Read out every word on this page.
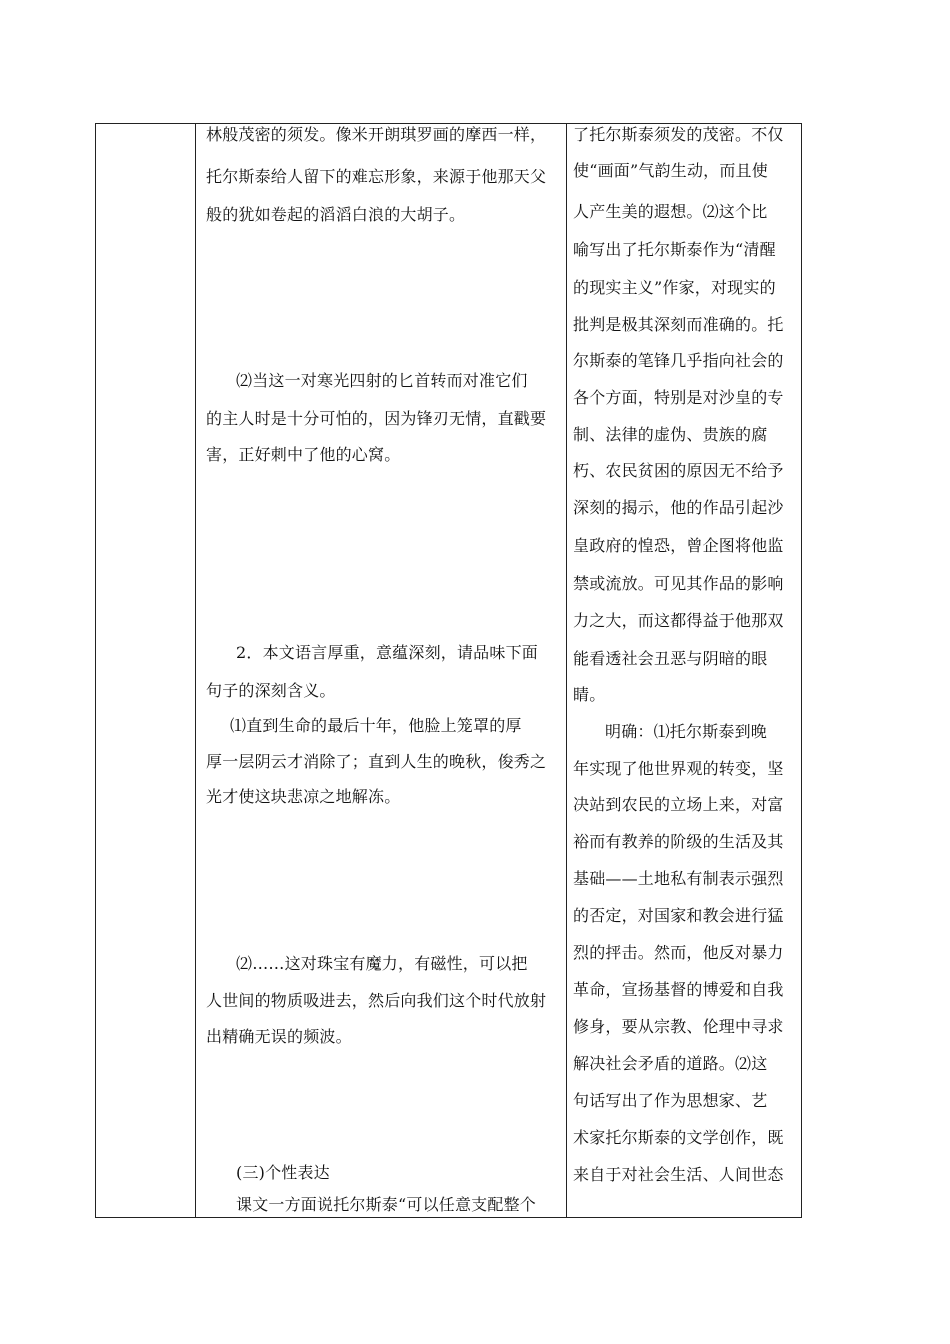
林般茂密的须发。像米开朗琪罗画的摩西一样，
托尔斯泰给人留下的难忘形象，来源于他那天父
般的犹如卷起的滔滔白浪的大胡子。
⑵当这一对寒光四射的匕首转而对准它们
的主人时是十分可怕的，因为锋刃无情，直戳要
害，正好刺中了他的心窝。
2．本文语言厚重，意蕴深刻，请品味下面
句子的深刻含义。
⑴直到生命的最后十年，他脸上笼罩的厚
厚一层阴云才消除了；直到人生的晚秋，俊秀之
光才使这块悲凉之地解冻。
⑵……这对珠宝有魔力，有磁性，可以把
人世间的物质吸进去，然后向我们这个时代放射
出精确无误的频波。
(三)个性表达
课文一方面说托尔斯泰“可以任意支配整个
了托尔斯泰须发的茂密。不仅
使“画面”气韵生动，而且使
人产生美的遐想。⑵这个比
喻写出了托尔斯泰作为“清醒
的现实主义”作家，对现实的
批判是极其深刻而准确的。托
尔斯泰的笔锋几乎指向社会的
各个方面，特别是对沙皇的专
制、法律的虚伪、贵族的腐
朽、农民贫困的原因无不给予
深刻的揭示，他的作品引起沙
皇政府的惶恐，曾企图将他监
禁或流放。可见其作品的影响
力之大，而这都得益于他那双
能看透社会丑恶与阴暗的眼
睛。
明确：⑴托尔斯泰到晚
年实现了他世界观的转变，坚
决站到农民的立场上来，对富
裕而有教养的阶级的生活及其
基础——土地私有制表示强烈
的否定，对国家和教会进行猛
烈的抨击。然而，他反对暴力
革命，宣扬基督的博爱和自我
修身，要从宗教、伦理中寻求
解决社会矛盾的道路。⑵这
句话写出了作为思想家、艺
术家托尔斯泰的文学创作，既
来自于对社会生活、人间世态
